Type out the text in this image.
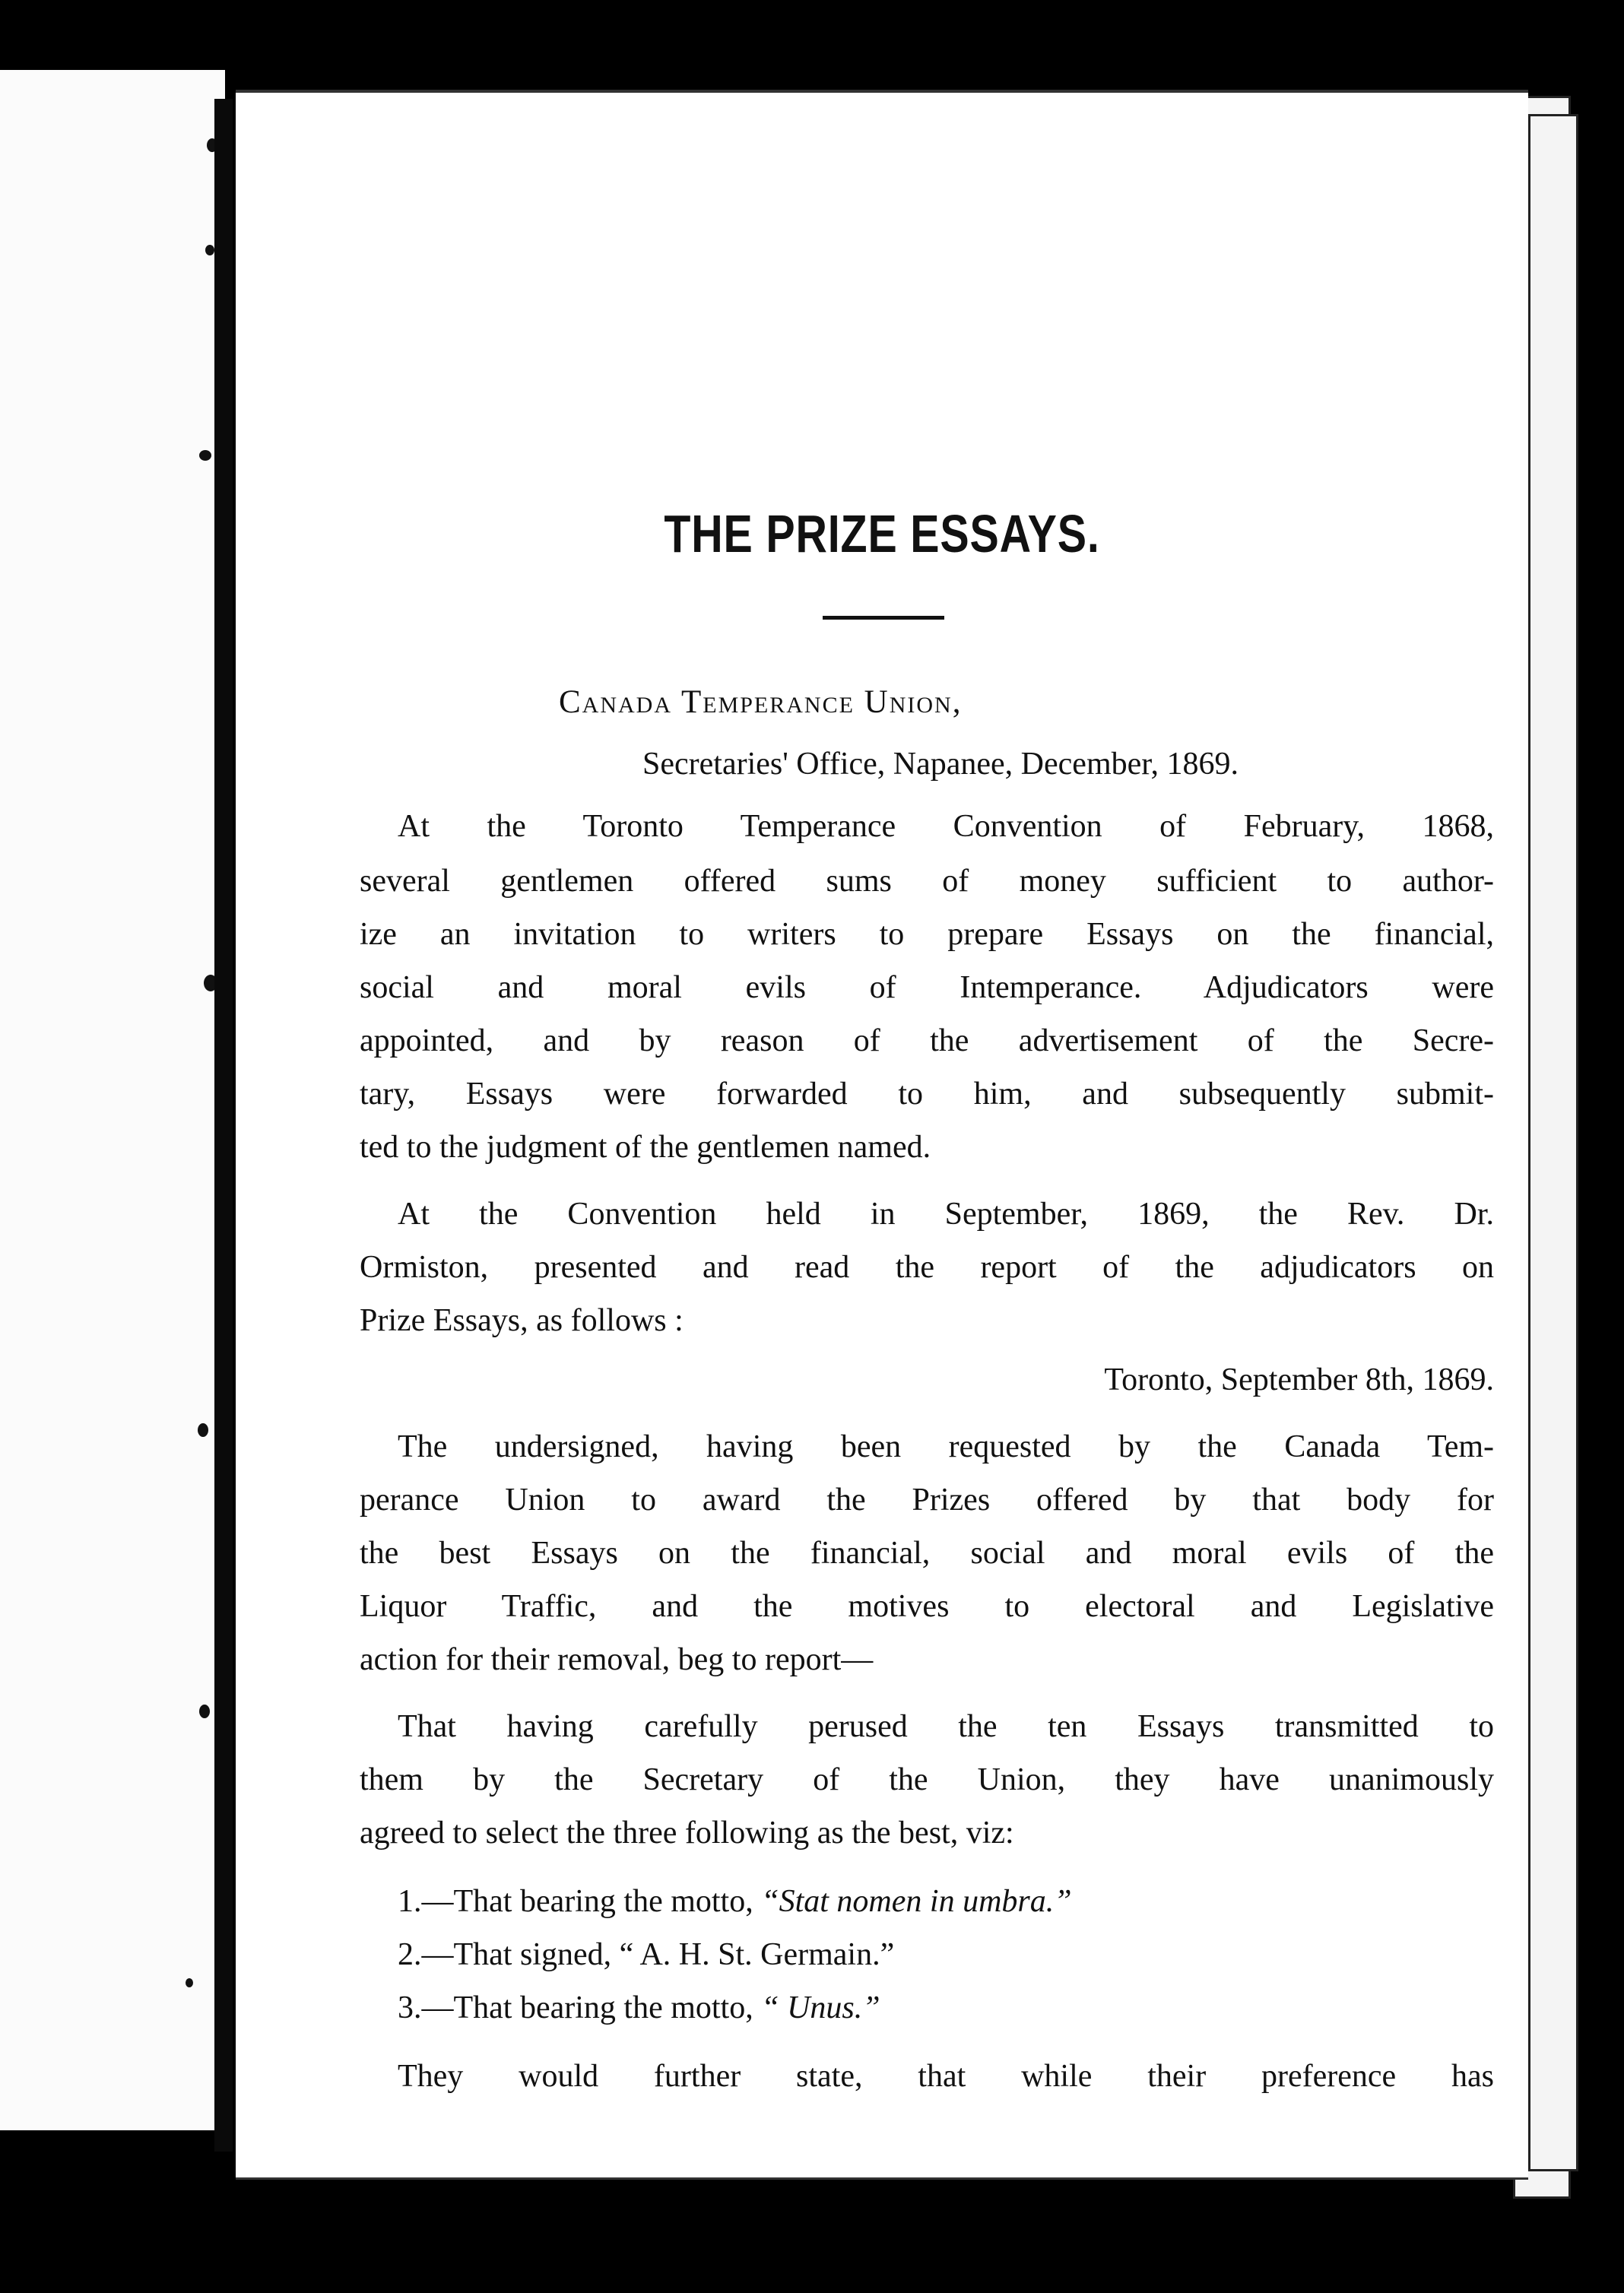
THE PRIZE ESSAYS.
Canada Temperance Union,
Secretaries' Office, Napanee, December, 1869.
At the Toronto Temperance Convention of February, 1868,
several gentlemen offered sums of money sufficient to author-
ize an invitation to writers to prepare Essays on the financial,
social and moral evils of Intemperance. Adjudicators were
appointed, and by reason of the advertisement of the Secre-
tary, Essays were forwarded to him, and subsequently submit-
ted to the judgment of the gentlemen named.
At the Convention held in September, 1869, the Rev. Dr.
Ormiston, presented and read the report of the adjudicators on
Prize Essays, as follows :
Toronto, September 8th, 1869.
The undersigned, having been requested by the Canada Tem-
perance Union to award the Prizes offered by that body for
the best Essays on the financial, social and moral evils of the
Liquor Traffic, and the motives to electoral and Legislative
action for their removal, beg to report—
That having carefully perused the ten Essays transmitted to
them by the Secretary of the Union, they have unanimously
agreed to select the three following as the best, viz:
1.—That bearing the motto, “Stat nomen in umbra.”
2.—That signed, “ A. H. St. Germain.”
3.—That bearing the motto, “ Unus.”
They would further state, that while their preference has
